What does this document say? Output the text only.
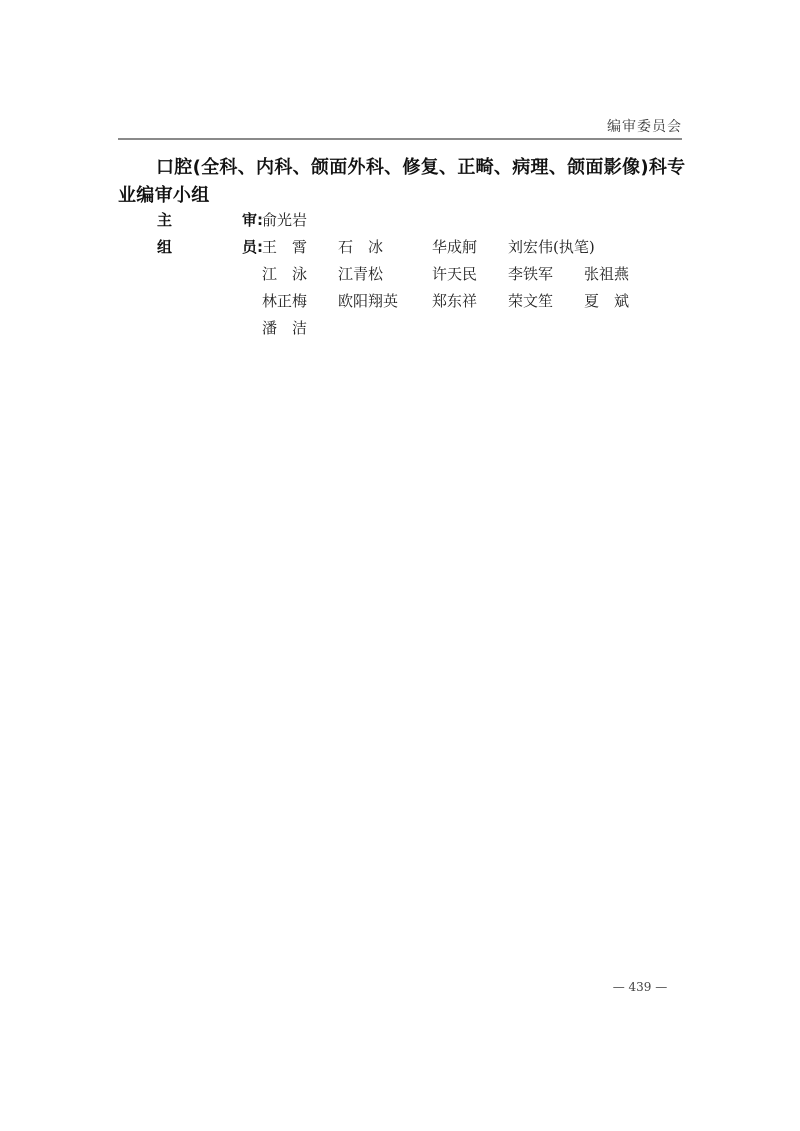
编审委员会

口腔(全科、内科、颌面外科、修复、正畸、病理、颌面影像)科专业编审小组

主	审 : 俞光岩
组	员 : 王　霄	石　冰	华成舸	刘宏伟(执笔)
江　泳	江青松	许天民	李铁军	张祖燕
林正梅	欧阳翔英	郑东祥	荣文笙	夏　斌
潘　洁
— 439 —
